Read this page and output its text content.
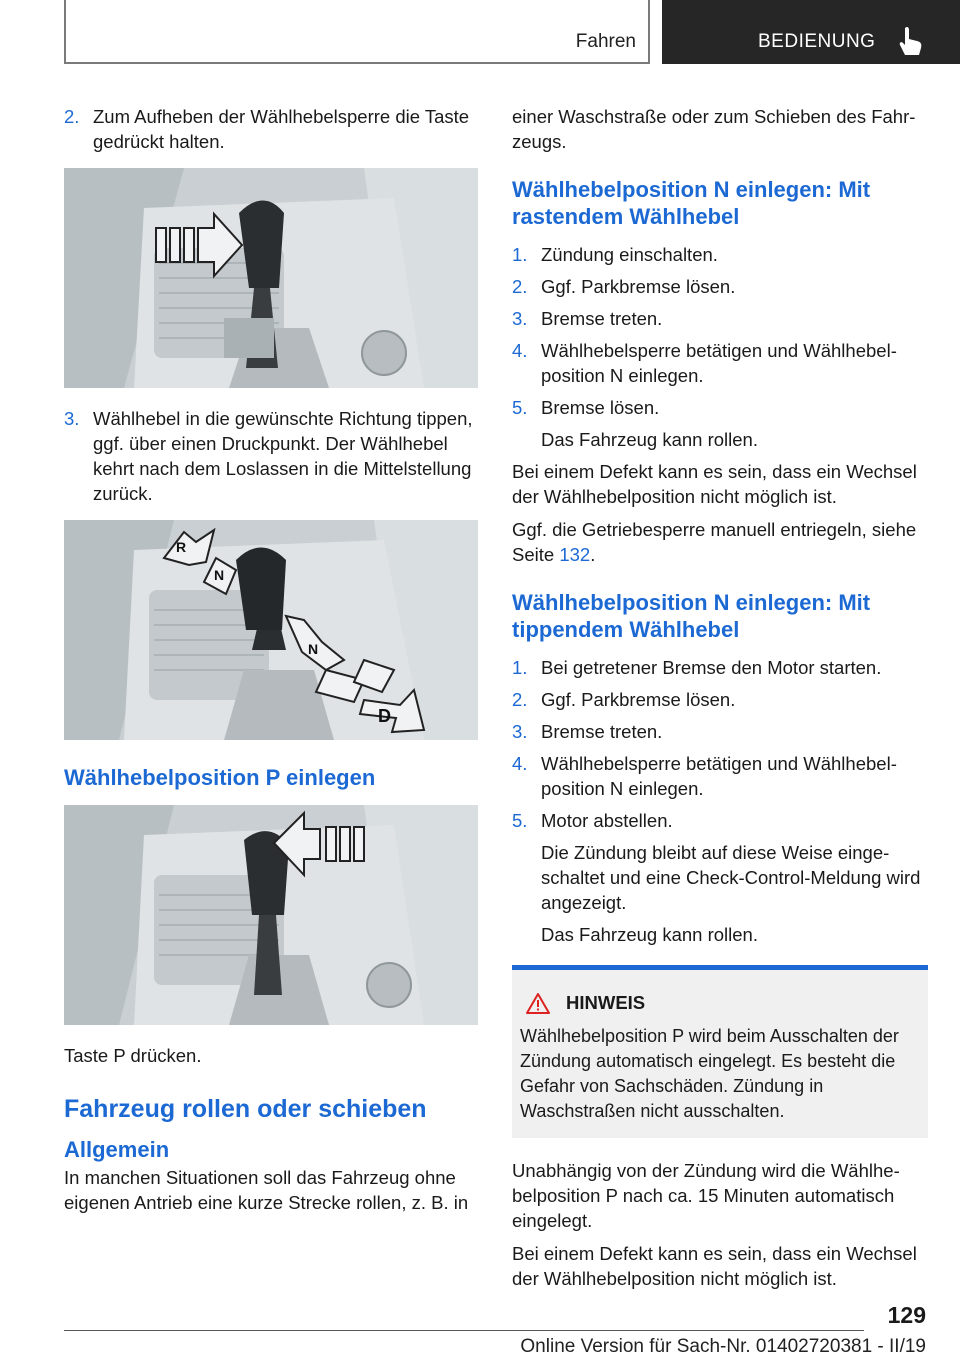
Fahren	BEDIENUNG
2. Zum Aufheben der Wählhebelsperre die Taste gedrückt halten.
3. Wählhebel in die gewünschte Richtung tippen, ggf. über einen Druckpunkt. Der Wählhebel kehrt nach dem Loslassen in die Mittelstellung zurück.
R
N
N
D
Wählhebelposition P einlegen
Taste P drücken.
Fahrzeug rollen oder schieben
Allgemein
In manchen Situationen soll das Fahrzeug ohne eigenen Antrieb eine kurze Strecke rollen, z. B. in
einer Waschstraße oder zum Schieben des Fahrzeugs.
Wählhebelposition N einlegen: Mit rastendem Wählhebel
1. Zündung einschalten.
2. Ggf. Parkbremse lösen.
3. Bremse treten.
4. Wählhebelsperre betätigen und Wählhebelposition N einlegen.
5. Bremse lösen.
Das Fahrzeug kann rollen.
Bei einem Defekt kann es sein, dass ein Wechsel der Wählhebelposition nicht möglich ist.
Ggf. die Getriebesperre manuell entriegeln, siehe Seite 132.
Wählhebelposition N einlegen: Mit tippendem Wählhebel
1. Bei getretener Bremse den Motor starten.
2. Ggf. Parkbremse lösen.
3. Bremse treten.
4. Wählhebelsperre betätigen und Wählhebelposition N einlegen.
5. Motor abstellen.
Die Zündung bleibt auf diese Weise eingeschaltet und eine Check-Control-Meldung wird angezeigt.
Das Fahrzeug kann rollen.
HINWEIS
Wählhebelposition P wird beim Ausschalten der Zündung automatisch eingelegt. Es besteht die Gefahr von Sachschäden. Zündung in Waschstraßen nicht ausschalten.
Unabhängig von der Zündung wird die Wählhebelposition P nach ca. 15 Minuten automatisch eingelegt.
Bei einem Defekt kann es sein, dass ein Wechsel der Wählhebelposition nicht möglich ist.
129
Online Version für Sach-Nr. 01402720381 - II/19
